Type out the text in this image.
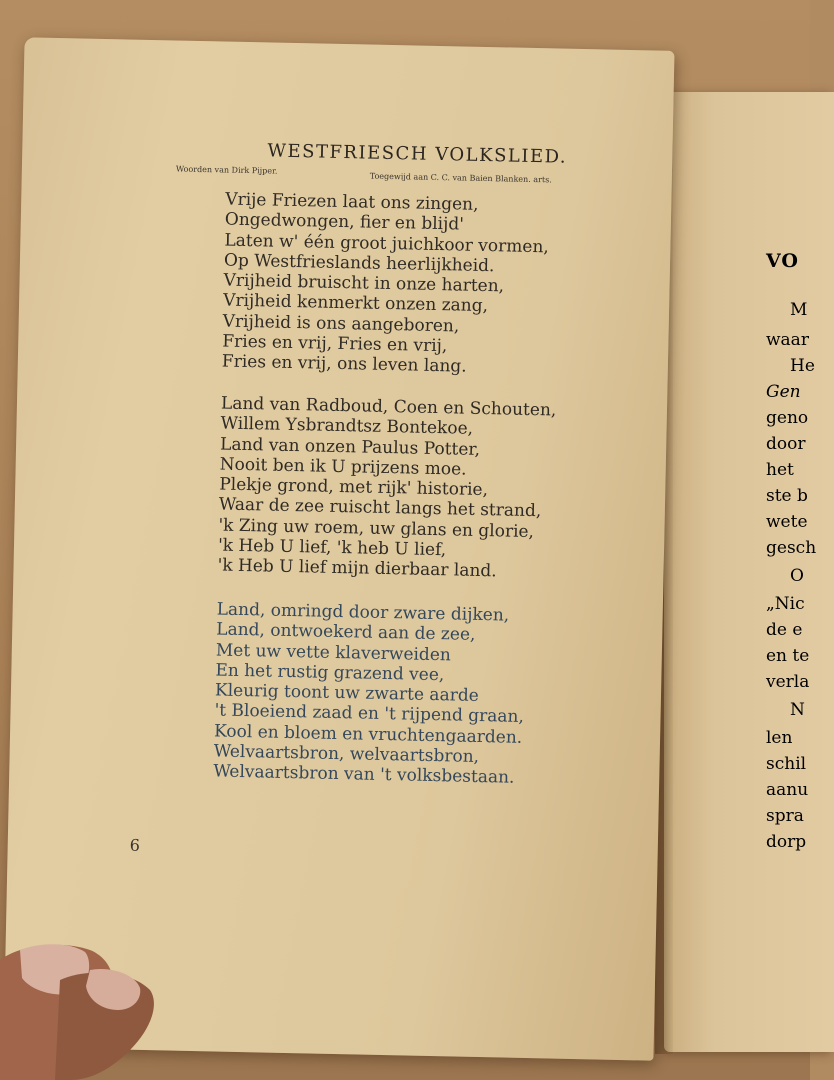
VO
M
waar
He
Gen
geno
door
het
ste b
wete
gesch
O
„Nic
de e
en te
verla
N
len
schil
aanu
spra
dorp
WESTFRIESCH VOLKSLIED.
Woorden van Dirk Pijper.
Toegewijd aan C. C. van Baien Blanken. arts.
Vrije Friezen laat ons zingen,
Ongedwongen, fier en blijd'
Laten w' één groot juichkoor vormen,
Op Westfrieslands heerlijkheid.
Vrijheid bruischt in onze harten,
Vrijheid kenmerkt onzen zang,
Vrijheid is ons aangeboren,
Fries en vrij, Fries en vrij,
Fries en vrij, ons leven lang.
Land van Radboud, Coen en Schouten,
Willem Ysbrandtsz Bontekoe,
Land van onzen Paulus Potter,
Nooit ben ik U prijzens moe.
Plekje grond, met rijk' historie,
Waar de zee ruischt langs het strand,
'k Zing uw roem, uw glans en glorie,
'k Heb U lief, 'k heb U lief,
'k Heb U lief mijn dierbaar land.
Land, omringd door zware dijken,
Land, ontwoekerd aan de zee,
Met uw vette klaverweiden
En het rustig grazend vee,
Kleurig toont uw zwarte aarde
't Bloeiend zaad en 't rijpend graan,
Kool en bloem en vruchtengaarden.
Welvaartsbron, welvaartsbron,
Welvaartsbron van 't volksbestaan.
6
